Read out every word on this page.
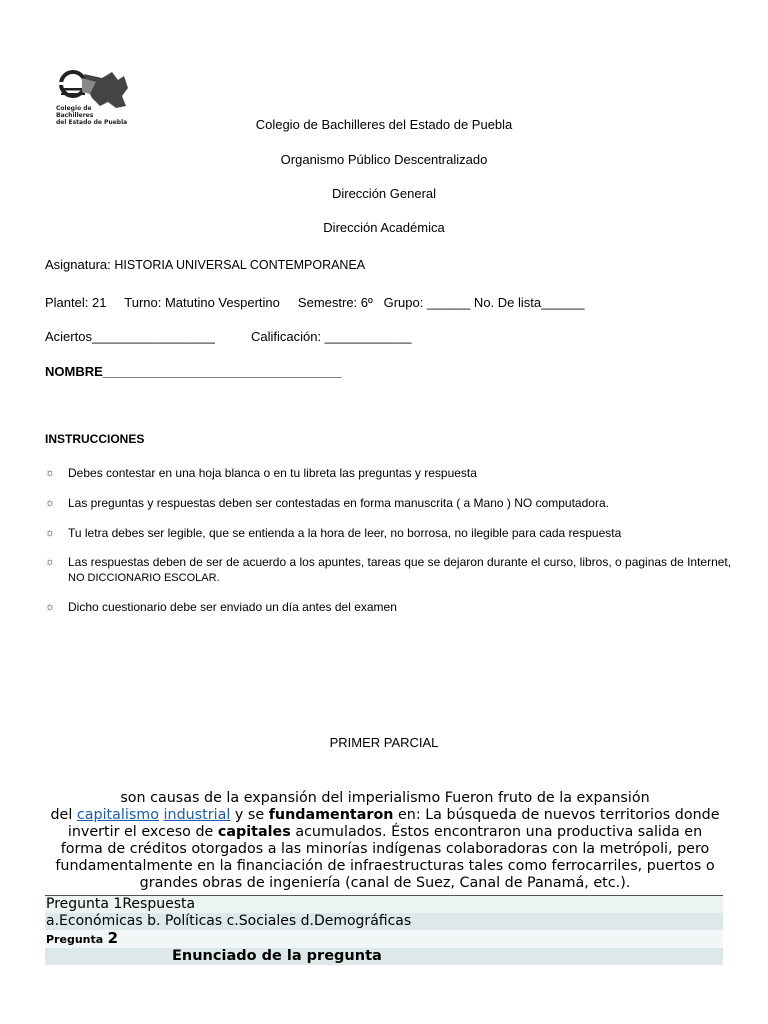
Colegio de
Bachilleres
del Estado de Puebla	Colegio de Bachilleres del Estado de Puebla
Organismo Público Descentralizado
Dirección General
Dirección Académica
Asignatura: HISTORIA UNIVERSAL CONTEMPORANEA
Plantel: 21     Turno: Matutino Vespertino     Semestre: 6º   Grupo: ______ No. De lista______
Aciertos_________________          Calificación: ____________
NOMBRE_________________________________
INSTRUCCIONES
☼ Debes contestar en una hoja blanca o en tu libreta las preguntas y respuesta
☼ Las preguntas y respuestas deben ser contestadas en forma manuscrita ( a Mano ) NO computadora.
☼ Tu letra debes ser legible, que se entienda a la hora de leer, no borrosa, no ilegible para cada respuesta
☼ Las respuestas deben de ser de acuerdo a los apuntes, tareas que se dejaron durante el curso, libros, o paginas de Internet, NO DICCIONARIO ESCOLAR.
☼ Dicho cuestionario debe ser enviado un día antes del examen
PRIMER PARCIAL
son causas de la expansión del imperialismo Fueron fruto de la expansión
del capitalismo industrial y se fundamentaron en: La búsqueda de nuevos territorios donde invertir el exceso de capitales acumulados. Éstos encontraron una productiva salida en forma de créditos otorgados a las minorías indígenas colaboradoras con la metrópoli, pero fundamentalmente en la financiación de infraestructuras tales como ferrocarriles, puertos o grandes obras de ingeniería (canal de Suez, Canal de Panamá, etc.).
Pregunta 1Respuesta
a.Económicas b. Políticas c.Sociales d.Demográficas
Pregunta 2
Enunciado de la pregunta
